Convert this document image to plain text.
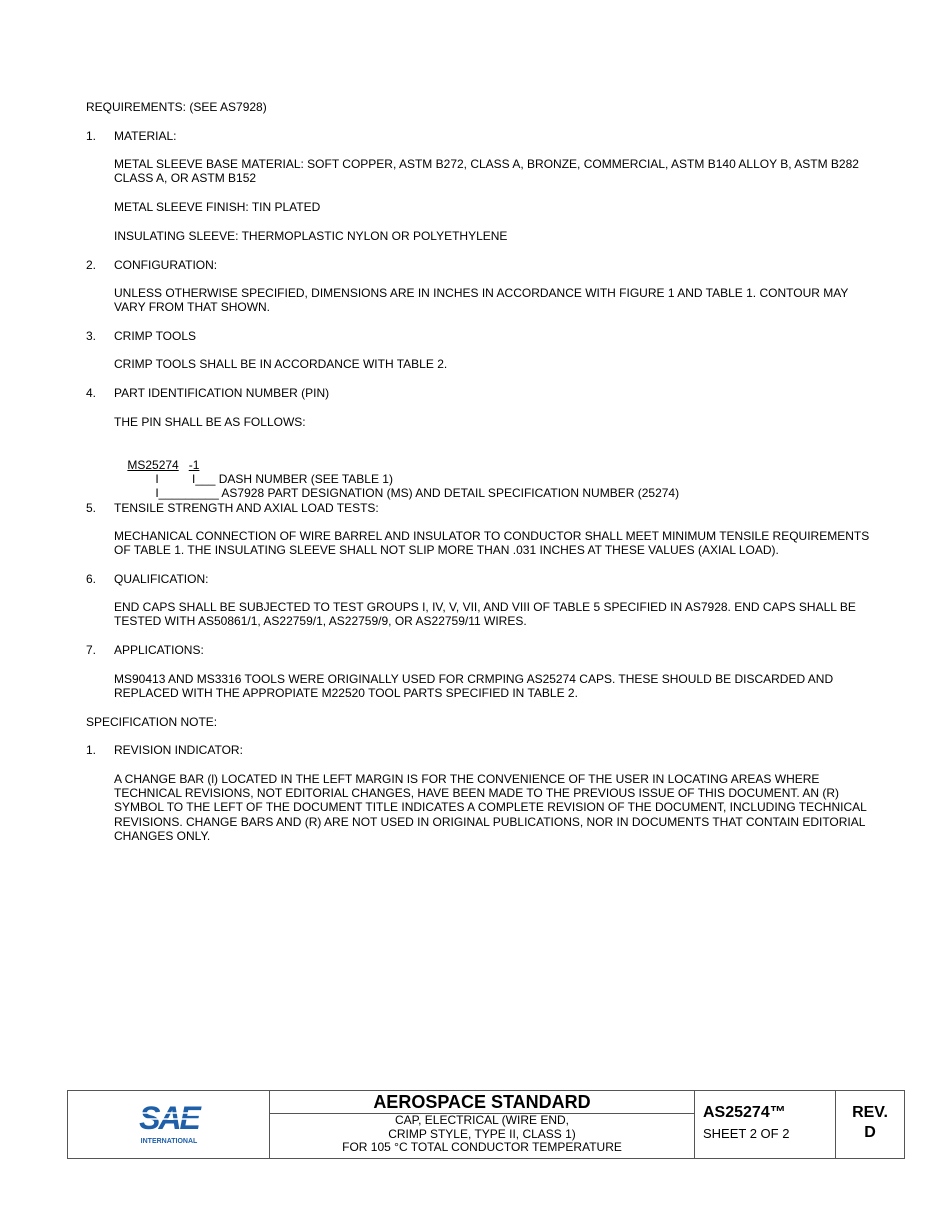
REQUIREMENTS: (SEE AS7928)

1. MATERIAL:

METAL SLEEVE BASE MATERIAL: SOFT COPPER, ASTM B272, CLASS A, BRONZE, COMMERCIAL, ASTM B140 ALLOY B, ASTM B282
CLASS A, OR ASTM B152

METAL SLEEVE FINISH: TIN PLATED

INSULATING SLEEVE: THERMOPLASTIC NYLON OR POLYETHYLENE

2. CONFIGURATION:

UNLESS OTHERWISE SPECIFIED, DIMENSIONS ARE IN INCHES IN ACCORDANCE WITH FIGURE 1 AND TABLE 1. CONTOUR MAY
VARY FROM THAT SHOWN.

3. CRIMP TOOLS

CRIMP TOOLS SHALL BE IN ACCORDANCE WITH TABLE 2.

4. PART IDENTIFICATION NUMBER (PIN)

THE PIN SHALL BE AS FOLLOWS:

MS25274 -1

I          I___ DASH NUMBER (SEE TABLE 1)

I_________ AS7928 PART DESIGNATION (MS) AND DETAIL SPECIFICATION NUMBER (25274)

5. TENSILE STRENGTH AND AXIAL LOAD TESTS:

MECHANICAL CONNECTION OF WIRE BARREL AND INSULATOR TO CONDUCTOR SHALL MEET MINIMUM TENSILE REQUIREMENTS
OF TABLE 1. THE INSULATING SLEEVE SHALL NOT SLIP MORE THAN .031 INCHES AT THESE VALUES (AXIAL LOAD).

6. QUALIFICATION:

END CAPS SHALL BE SUBJECTED TO TEST GROUPS I, IV, V, VII, AND VIII OF TABLE 5 SPECIFIED IN AS7928. END CAPS SHALL BE
TESTED WITH AS50861/1, AS22759/1, AS22759/9, OR AS22759/11 WIRES.

7. APPLICATIONS:

MS90413 AND MS3316 TOOLS WERE ORIGINALLY USED FOR CRMPING AS25274 CAPS. THESE SHOULD BE DISCARDED AND
REPLACED WITH THE APPROPIATE M22520 TOOL PARTS SPECIFIED IN TABLE 2.

SPECIFICATION NOTE:

1. REVISION INDICATOR:

A CHANGE BAR (l) LOCATED IN THE LEFT MARGIN IS FOR THE CONVENIENCE OF THE USER IN LOCATING AREAS WHERE
TECHNICAL REVISIONS, NOT EDITORIAL CHANGES, HAVE BEEN MADE TO THE PREVIOUS ISSUE OF THIS DOCUMENT. AN (R)
SYMBOL TO THE LEFT OF THE DOCUMENT TITLE INDICATES A COMPLETE REVISION OF THE DOCUMENT, INCLUDING TECHNICAL
REVISIONS. CHANGE BARS AND (R) ARE NOT USED IN ORIGINAL PUBLICATIONS, NOR IN DOCUMENTS THAT CONTAIN EDITORIAL
CHANGES ONLY.

SAE
INTERNATIONAL
AEROSPACE STANDARD
CAP, ELECTRICAL (WIRE END,
CRIMP STYLE, TYPE II, CLASS 1)
FOR 105 °C TOTAL CONDUCTOR TEMPERATURE
AS25274™
SHEET 2 OF 2
REV.
D
